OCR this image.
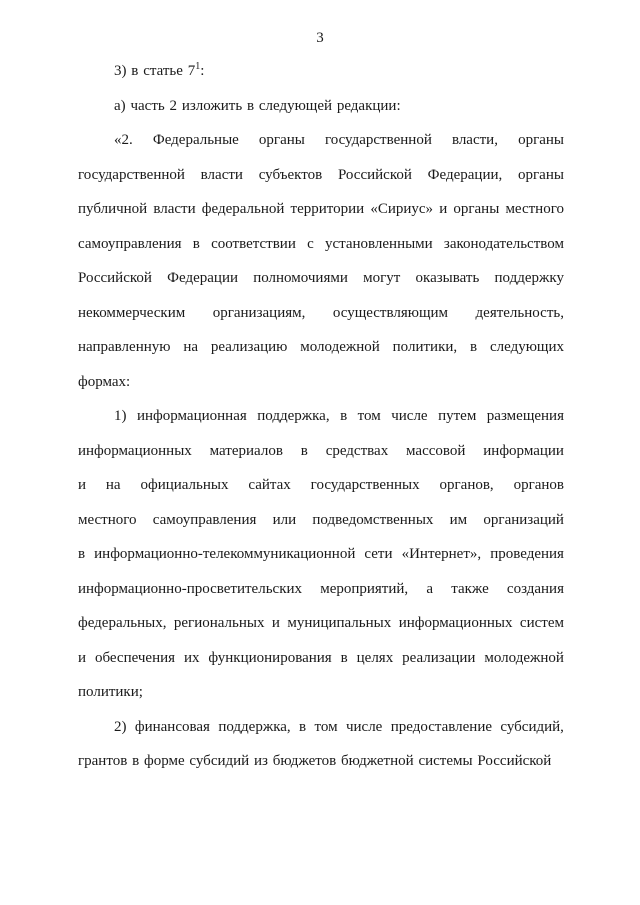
3
3) в статье $7^1$:
а) часть 2 изложить в следующей редакции:
«2. Федеральные органы государственной власти, органы
государственной власти субъектов Российской Федерации, органы
публичной власти федеральной территории «Сириус» и органы местного
самоуправления в соответствии с установленными законодательством
Российской Федерации полномочиями могут оказывать поддержку
некоммерческим организациям, осуществляющим деятельность,
направленную на реализацию молодежной политики, в следующих
формах:
1) информационная поддержка, в том числе путем размещения
информационных материалов в средствах массовой информации
и на официальных сайтах государственных органов, органов
местного самоуправления или подведомственных им организаций
в информационно-телекоммуникационной сети «Интернет», проведения
информационно-просветительских мероприятий, а также создания
федеральных, региональных и муниципальных информационных систем
и обеспечения их функционирования в целях реализации молодежной
политики;
2) финансовая поддержка, в том числе предоставление субсидий,
грантов в форме субсидий из бюджетов бюджетной системы Российской
